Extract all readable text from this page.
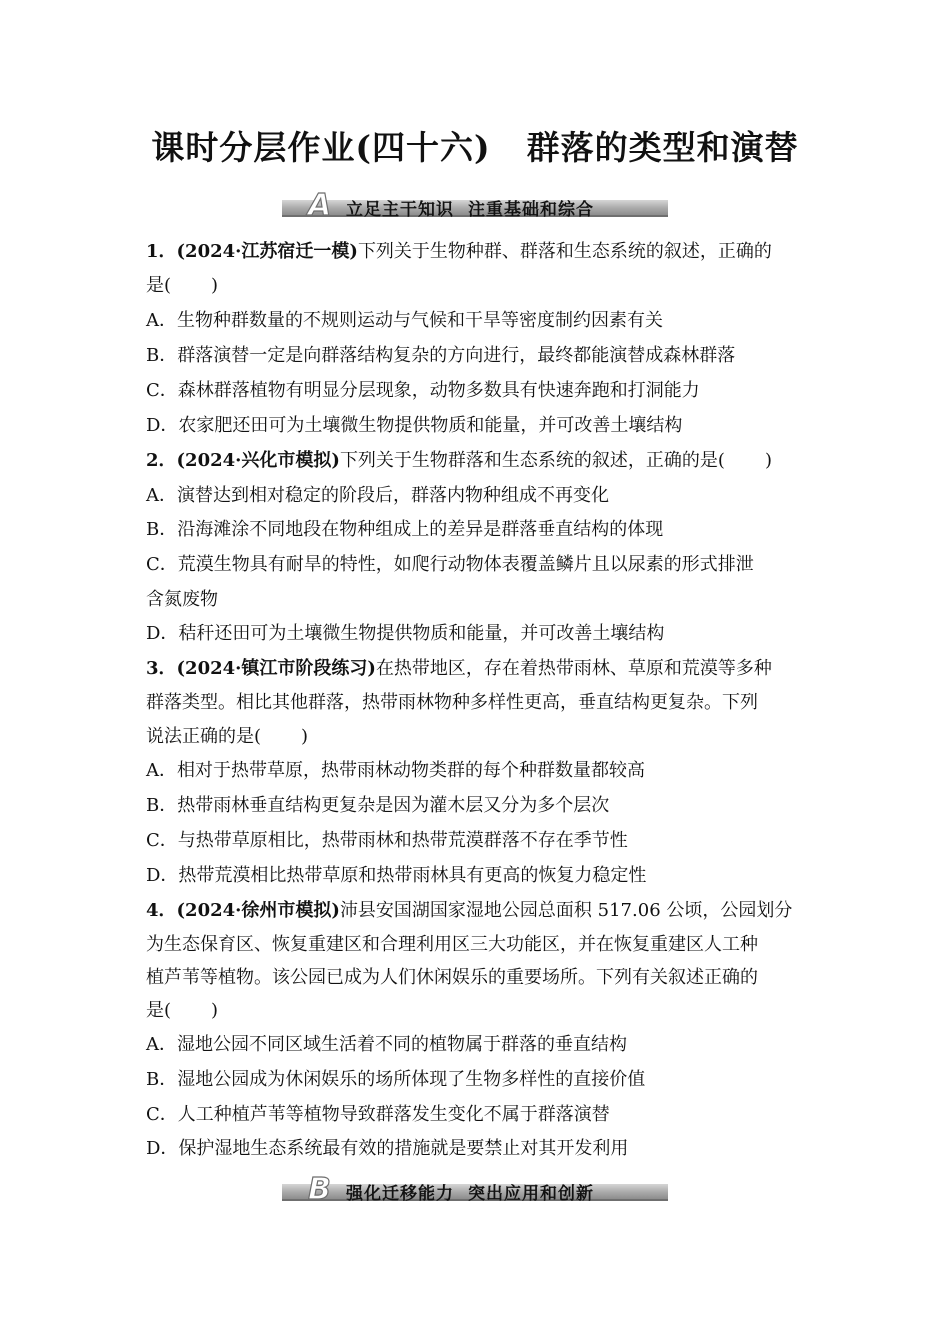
课时分层作业(四十六) 群落的类型和演替
A 立足主干知识 注重基础和综合
1．(2024·江苏宿迁一模)下列关于生物种群、群落和生态系统的叙述，正确的
是( )
A．生物种群数量的不规则运动与气候和干旱等密度制约因素有关
B．群落演替一定是向群落结构复杂的方向进行，最终都能演替成森林群落
C．森林群落植物有明显分层现象，动物多数具有快速奔跑和打洞能力
D．农家肥还田可为土壤微生物提供物质和能量，并可改善土壤结构
2．(2024·兴化市模拟)下列关于生物群落和生态系统的叙述，正确的是( )
A．演替达到相对稳定的阶段后，群落内物种组成不再变化
B．沿海滩涂不同地段在物种组成上的差异是群落垂直结构的体现
C．荒漠生物具有耐旱的特性，如爬行动物体表覆盖鳞片且以尿素的形式排泄
含氮废物
D．秸秆还田可为土壤微生物提供物质和能量，并可改善土壤结构
3．(2024·镇江市阶段练习)在热带地区，存在着热带雨林、草原和荒漠等多种
群落类型。相比其他群落，热带雨林物种多样性更高，垂直结构更复杂。下列
说法正确的是( )
A．相对于热带草原，热带雨林动物类群的每个种群数量都较高
B．热带雨林垂直结构更复杂是因为灌木层又分为多个层次
C．与热带草原相比，热带雨林和热带荒漠群落不存在季节性
D．热带荒漠相比热带草原和热带雨林具有更高的恢复力稳定性
4．(2024·徐州市模拟)沛县安国湖国家湿地公园总面积 517.06 公顷，公园划分
为生态保育区、恢复重建区和合理利用区三大功能区，并在恢复重建区人工种
植芦苇等植物。该公园已成为人们休闲娱乐的重要场所。下列有关叙述正确的
是( )
A．湿地公园不同区域生活着不同的植物属于群落的垂直结构
B．湿地公园成为休闲娱乐的场所体现了生物多样性的直接价值
C．人工种植芦苇等植物导致群落发生变化不属于群落演替
D．保护湿地生态系统最有效的措施就是要禁止对其开发利用
B 强化迁移能力 突出应用和创新
